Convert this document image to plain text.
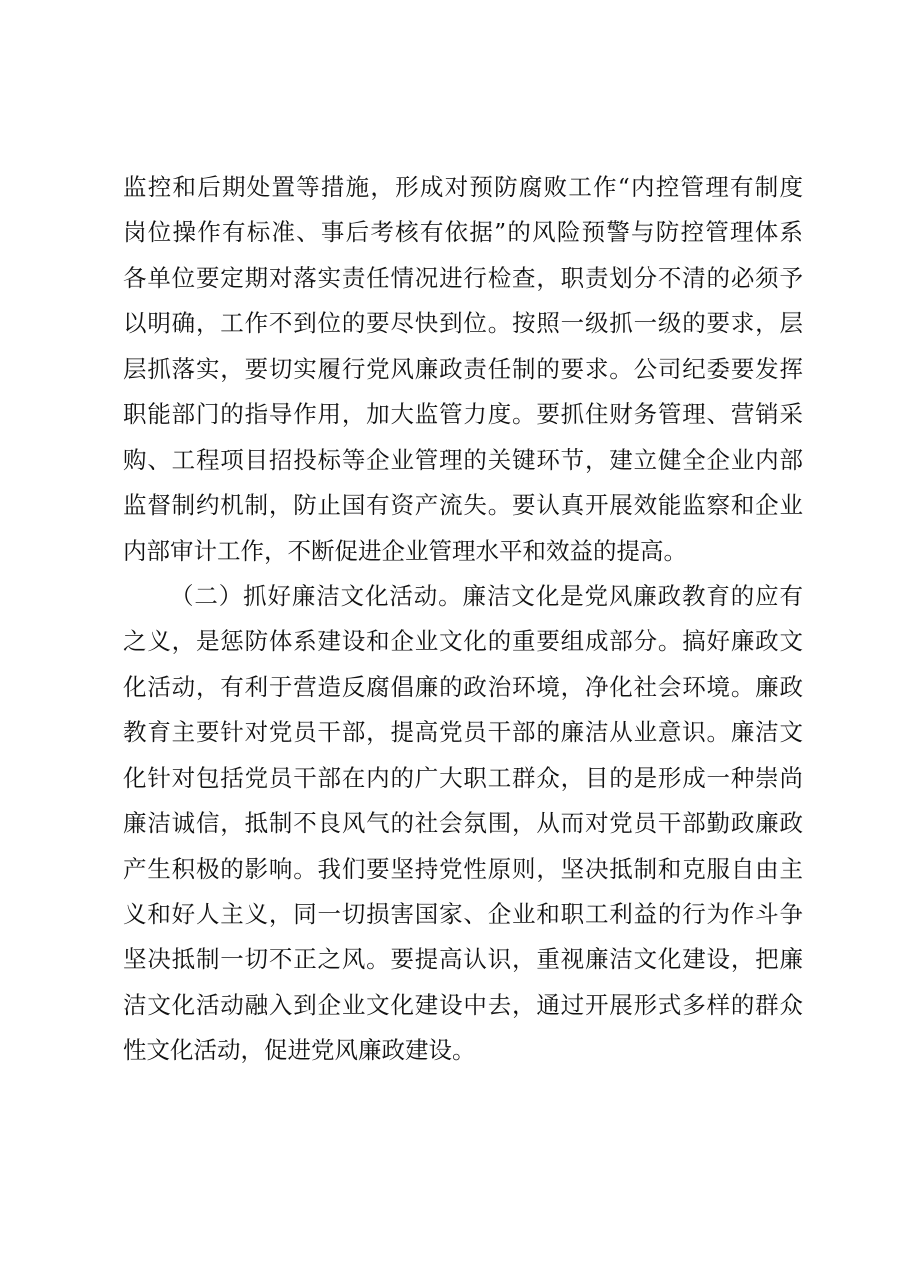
监控和后期处置等措施，形成对预防腐败工作“内控管理有制度
岗位操作有标准、事后考核有依据”的风险预警与防控管理体系
各单位要定期对落实责任情况进行检查，职责划分不清的必须予
以明确，工作不到位的要尽快到位。按照一级抓一级的要求，层
层抓落实，要切实履行党风廉政责任制的要求。公司纪委要发挥
职能部门的指导作用，加大监管力度。要抓住财务管理、营销采
购、工程项目招投标等企业管理的关键环节，建立健全企业内部
监督制约机制，防止国有资产流失。要认真开展效能监察和企业
内部审计工作，不断促进企业管理水平和效益的提高。
（二）抓好廉洁文化活动。廉洁文化是党风廉政教育的应有
之义，是惩防体系建设和企业文化的重要组成部分。搞好廉政文
化活动，有利于营造反腐倡廉的政治环境，净化社会环境。廉政
教育主要针对党员干部，提高党员干部的廉洁从业意识。廉洁文
化针对包括党员干部在内的广大职工群众，目的是形成一种崇尚
廉洁诚信，抵制不良风气的社会氛围，从而对党员干部勤政廉政
产生积极的影响。我们要坚持党性原则，坚决抵制和克服自由主
义和好人主义，同一切损害国家、企业和职工利益的行为作斗争
坚决抵制一切不正之风。要提高认识，重视廉洁文化建设，把廉
洁文化活动融入到企业文化建设中去，通过开展形式多样的群众
性文化活动，促进党风廉政建设。
